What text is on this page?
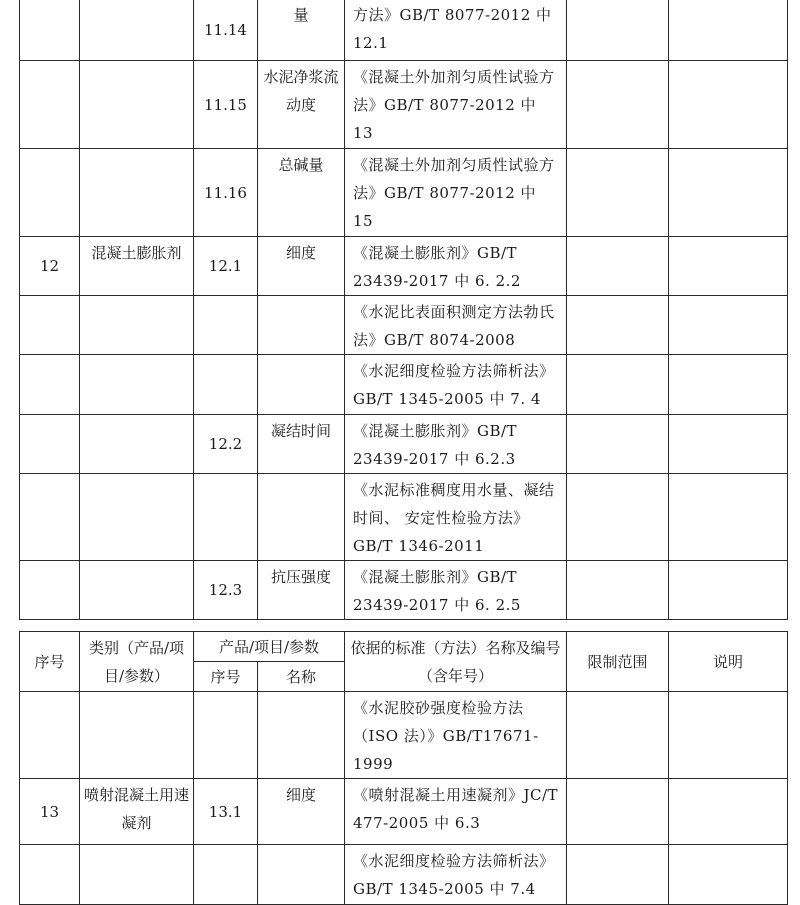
		11.14	量	方法》GB/T 8077-2012 中 12.1		
		11.15	水泥净浆流动度	《混凝土外加剂匀质性试验方法》GB/T 8077-2012 中 13		
		11.16	总碱量	《混凝土外加剂匀质性试验方法》GB/T 8077-2012 中 15		
12	混凝土膨胀剂	12.1	细度	《混凝土膨胀剂》GB/T 23439-2017 中 6. 2.2		
				《水泥比表面积测定方法勃氏法》GB/T 8074-2008		
				《水泥细度检验方法筛析法》GB/T 1345-2005 中 7. 4		
		12.2	凝结时间	《混凝土膨胀剂》GB/T 23439-2017 中 6.2.3		
				《水泥标准稠度用水量、凝结时间、 安定性检验方法》GB/T 1346-2011		
		12.3	抗压强度	《混凝土膨胀剂》GB/T 23439-2017 中 6. 2.5		
序号	类别（产品/项目/参数）	产品/项目/参数		依据的标准（方法）名称及编号（含年号）	限制范围	说明
		序号	名称			
				《水泥胶砂强度检验方法（ISO 法）》GB/T17671-1999		
13	喷射混凝土用速凝剂	13.1	细度	《喷射混凝土用速凝剂》JC/T 477-2005 中 6.3		
				《水泥细度检验方法筛析法》GB/T 1345-2005 中 7.4		
